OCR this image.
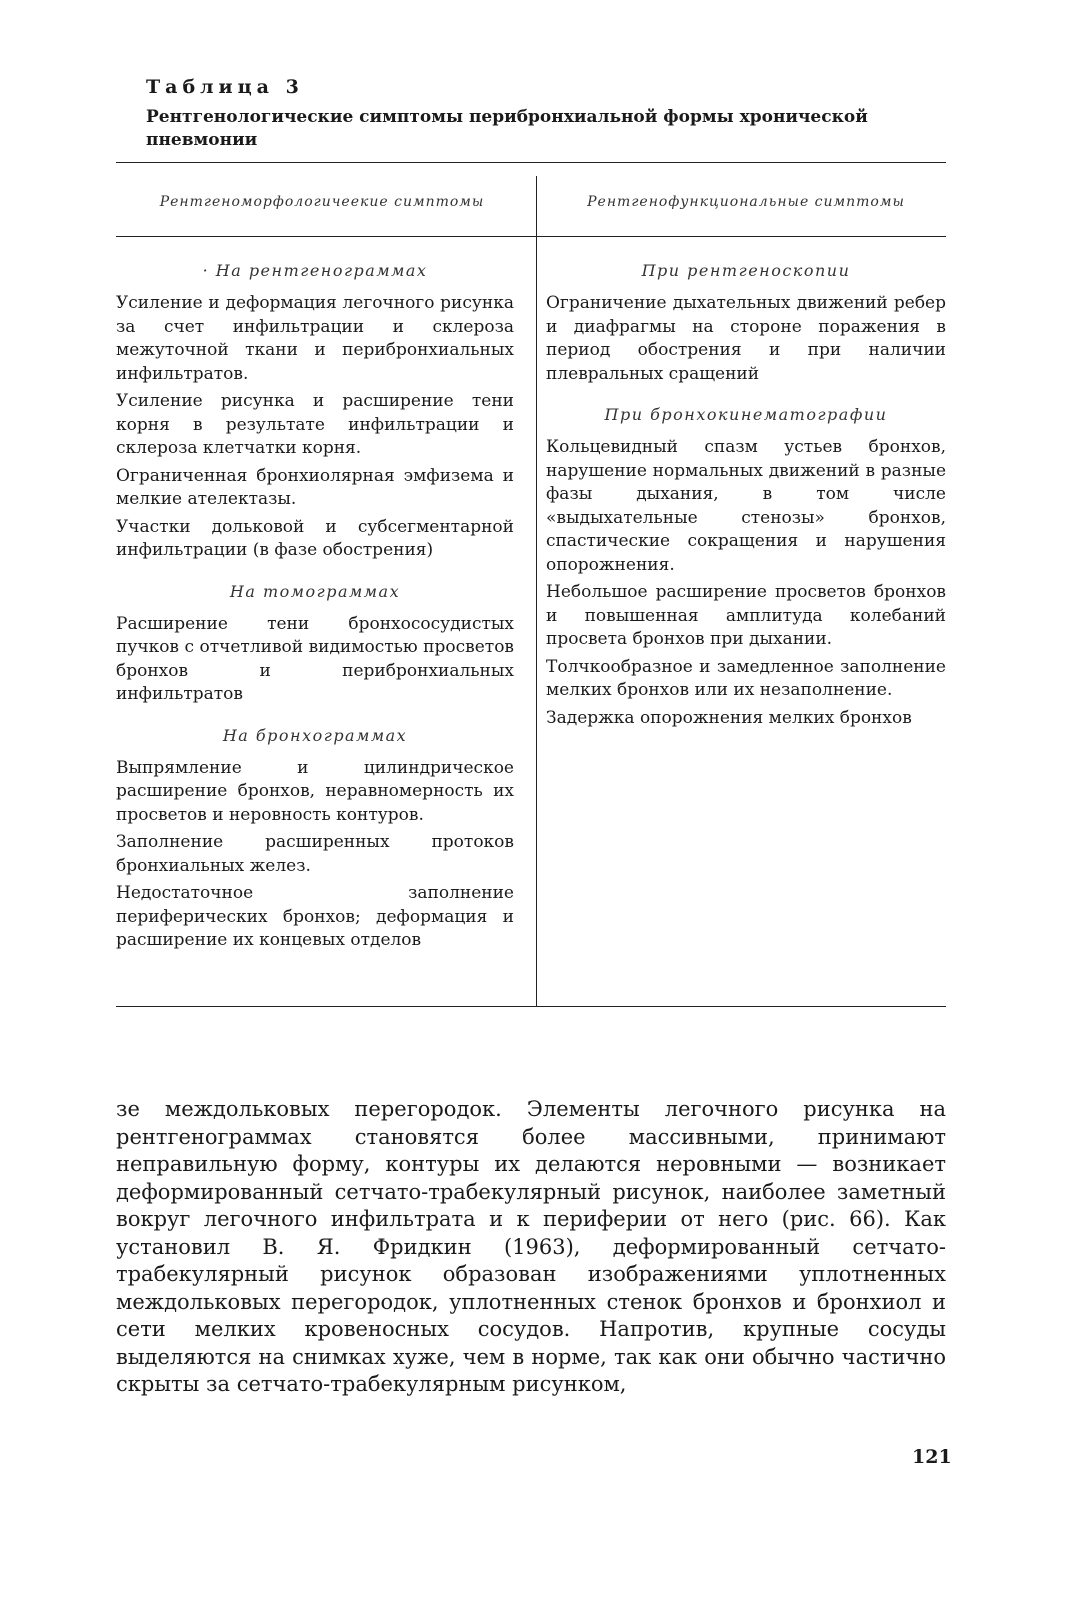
Таблица 3
Рентгенологические симптомы перибронхиальной формы хронической пневмонии
Рентгеноморфологичеекие симптомы	Рентгенофункциональные симптомы
· На рентгенограммах
Усиление и деформация легочного рисунка за счет инфильтрации и склероза межуточной ткани и перибронхиальных инфильтратов.
Усиление рисунка и расширение тени корня в результате инфильтрации и склероза клетчатки корня.
Ограниченная бронхиолярная эмфизема и мелкие ателектазы.
Участки дольковой и субсегментарной инфильтрации (в фазе обострения)
На томограммах
Расширение тени бронхососудистых пучков с отчетливой видимостью просветов бронхов и перибронхиальных инфильтратов
На бронхограммах
Выпрямление и цилиндрическое расширение бронхов, неравномерность их просветов и неровность контуров.
Заполнение расширенных протоков бронхиальных желез.
Недостаточное заполнение периферических бронхов; деформация и расширение их концевых отделов
При рентгеноскопии
Ограничение дыхательных движений ребер и диафрагмы на стороне поражения в период обострения и при наличии плевральных сращений
При бронхокинематографии
Кольцевидный спазм устьев бронхов, нарушение нормальных движений в разные фазы дыхания, в том числе «выдыхательные стенозы» бронхов, спастические сокращения и нарушения опорожнения.
Небольшое расширение просветов бронхов и повышенная амплитуда колебаний просвета бронхов при дыхании.
Толчкообразное и замедленное заполнение мелких бронхов или их незаполнение.
Задержка опорожнения мелких бронхов
зе междольковых перегородок. Элементы легочного рисунка на рентгенограммах становятся более массивными, принимают неправильную форму, контуры их делаются неровными — возникает деформированный сетчато-трабекулярный рисунок, наиболее заметный вокруг легочного инфильтрата и к периферии от него (рис. 66). Как установил В. Я. Фридкин (1963), деформированный сетчато-трабекулярный рисунок образован изображениями уплотненных междольковых перегородок, уплотненных стенок бронхов и бронхиол и сети мелких кровеносных сосудов. Напротив, крупные сосуды выделяются на снимках хуже, чем в норме, так как они обычно частично скрыты за сетчато-трабекулярным рисунком,
121
